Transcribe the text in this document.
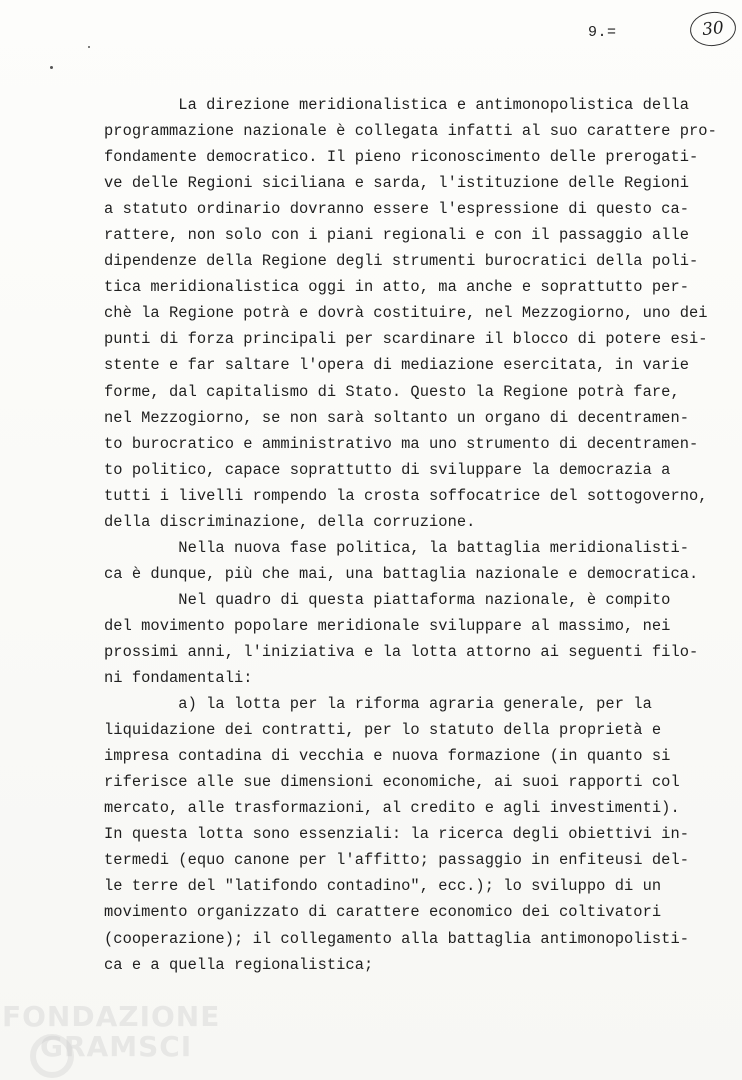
9.=	30
La direzione meridionalistica e antimonopolistica della
programmazione nazionale è collegata infatti al suo carattere pro-
fondamente democratico. Il pieno riconoscimento delle prerogati-
ve delle Regioni siciliana e sarda, l'istituzione delle Regioni
a statuto ordinario dovranno essere l'espressione di questo ca-
rattere, non solo con i piani regionali e con il passaggio alle
dipendenze della Regione degli strumenti burocratici della poli-
tica meridionalistica oggi in atto, ma anche e soprattutto per-
chè la Regione potrà e dovrà costituire, nel Mezzogiorno, uno dei
punti di forza principali per scardinare il blocco di potere esi-
stente e far saltare l'opera di mediazione esercitata, in varie
forme, dal capitalismo di Stato. Questo la Regione potrà fare,
nel Mezzogiorno, se non sarà soltanto un organo di decentramen-
to burocratico e amministrativo ma uno strumento di decentramen-
to politico, capace soprattutto di sviluppare la democrazia a
tutti i livelli rompendo la crosta soffocatrice del sottogoverno,
della discriminazione, della corruzione.
Nella nuova fase politica, la battaglia meridionalisti-
ca è dunque, più che mai, una battaglia nazionale e democratica.
Nel quadro di questa piattaforma nazionale, è compito
del movimento popolare meridionale sviluppare al massimo, nei
prossimi anni, l'iniziativa e la lotta attorno ai seguenti filo-
ni fondamentali:
a) la lotta per la riforma agraria generale, per la
liquidazione dei contratti, per lo statuto della proprietà e
impresa contadina di vecchia e nuova formazione (in quanto si
riferisce alle sue dimensioni economiche, ai suoi rapporti col
mercato, alle trasformazioni, al credito e agli investimenti).
In questa lotta sono essenziali: la ricerca degli obiettivi in-
termedi (equo canone per l'affitto; passaggio in enfiteusi del-
le terre del "latifondo contadino", ecc.); lo sviluppo di un
movimento organizzato di carattere economico dei coltivatori
(cooperazione); il collegamento alla battaglia antimonopolisti-
ca e a quella regionalistica;
FONDAZIONE
GRAMSCI
